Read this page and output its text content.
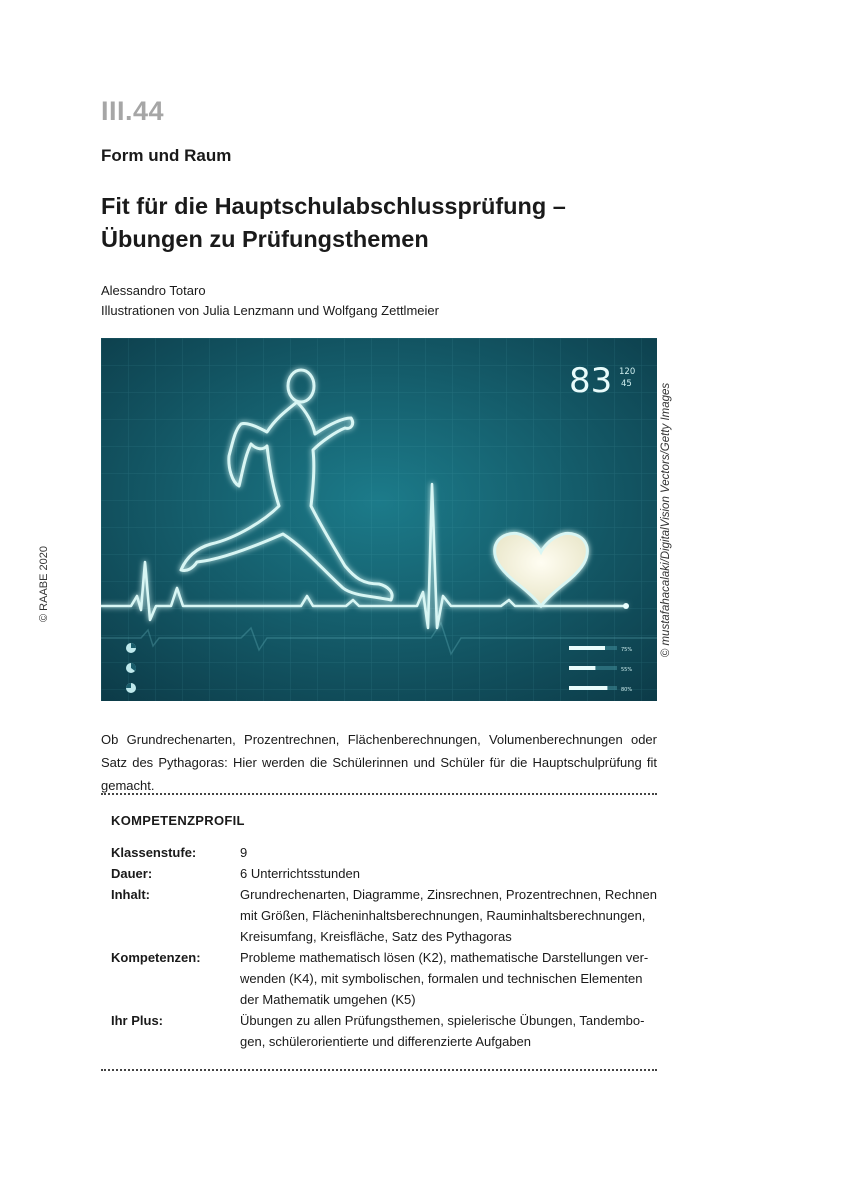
III.44
Form und Raum
Fit für die Hauptschulabschlussprüfung –
Übungen zu Prüfungsthemen
Alessandro Totaro
Illustrationen von Julia Lenzmann und Wolfgang Zettlmeier
© RAABE 2020	© mustafahacalaki/DigitalVision Vectors/Getty Images
83 120
45
75%
55%
80%
Ob Grundrechenarten, Prozentrechnen, Flächenberechnungen, Volumenberechnungen oder Satz des Pythagoras: Hier werden die Schülerinnen und Schüler für die Hauptschulprüfung fit gemacht.
KOMPETENZPROFIL
Klassenstufe:	9
Dauer:	6 Unterrichtsstunden
Inhalt:	Grundrechenarten, Diagramme, Zinsrechnen, Prozentrechnen, Rechnen
mit Größen, Flächeninhaltsberechnungen, Rauminhaltsberechnungen,
Kreisumfang, Kreisfläche, Satz des Pythagoras
Kompetenzen:	Probleme mathematisch lösen (K2), mathematische Darstellungen ver-
wenden (K4), mit symbolischen, formalen und technischen Elementen
der Mathematik umgehen (K5)
Ihr Plus:	Übungen zu allen Prüfungsthemen, spielerische Übungen, Tandembo-
gen, schülerorientierte und differenzierte Aufgaben
